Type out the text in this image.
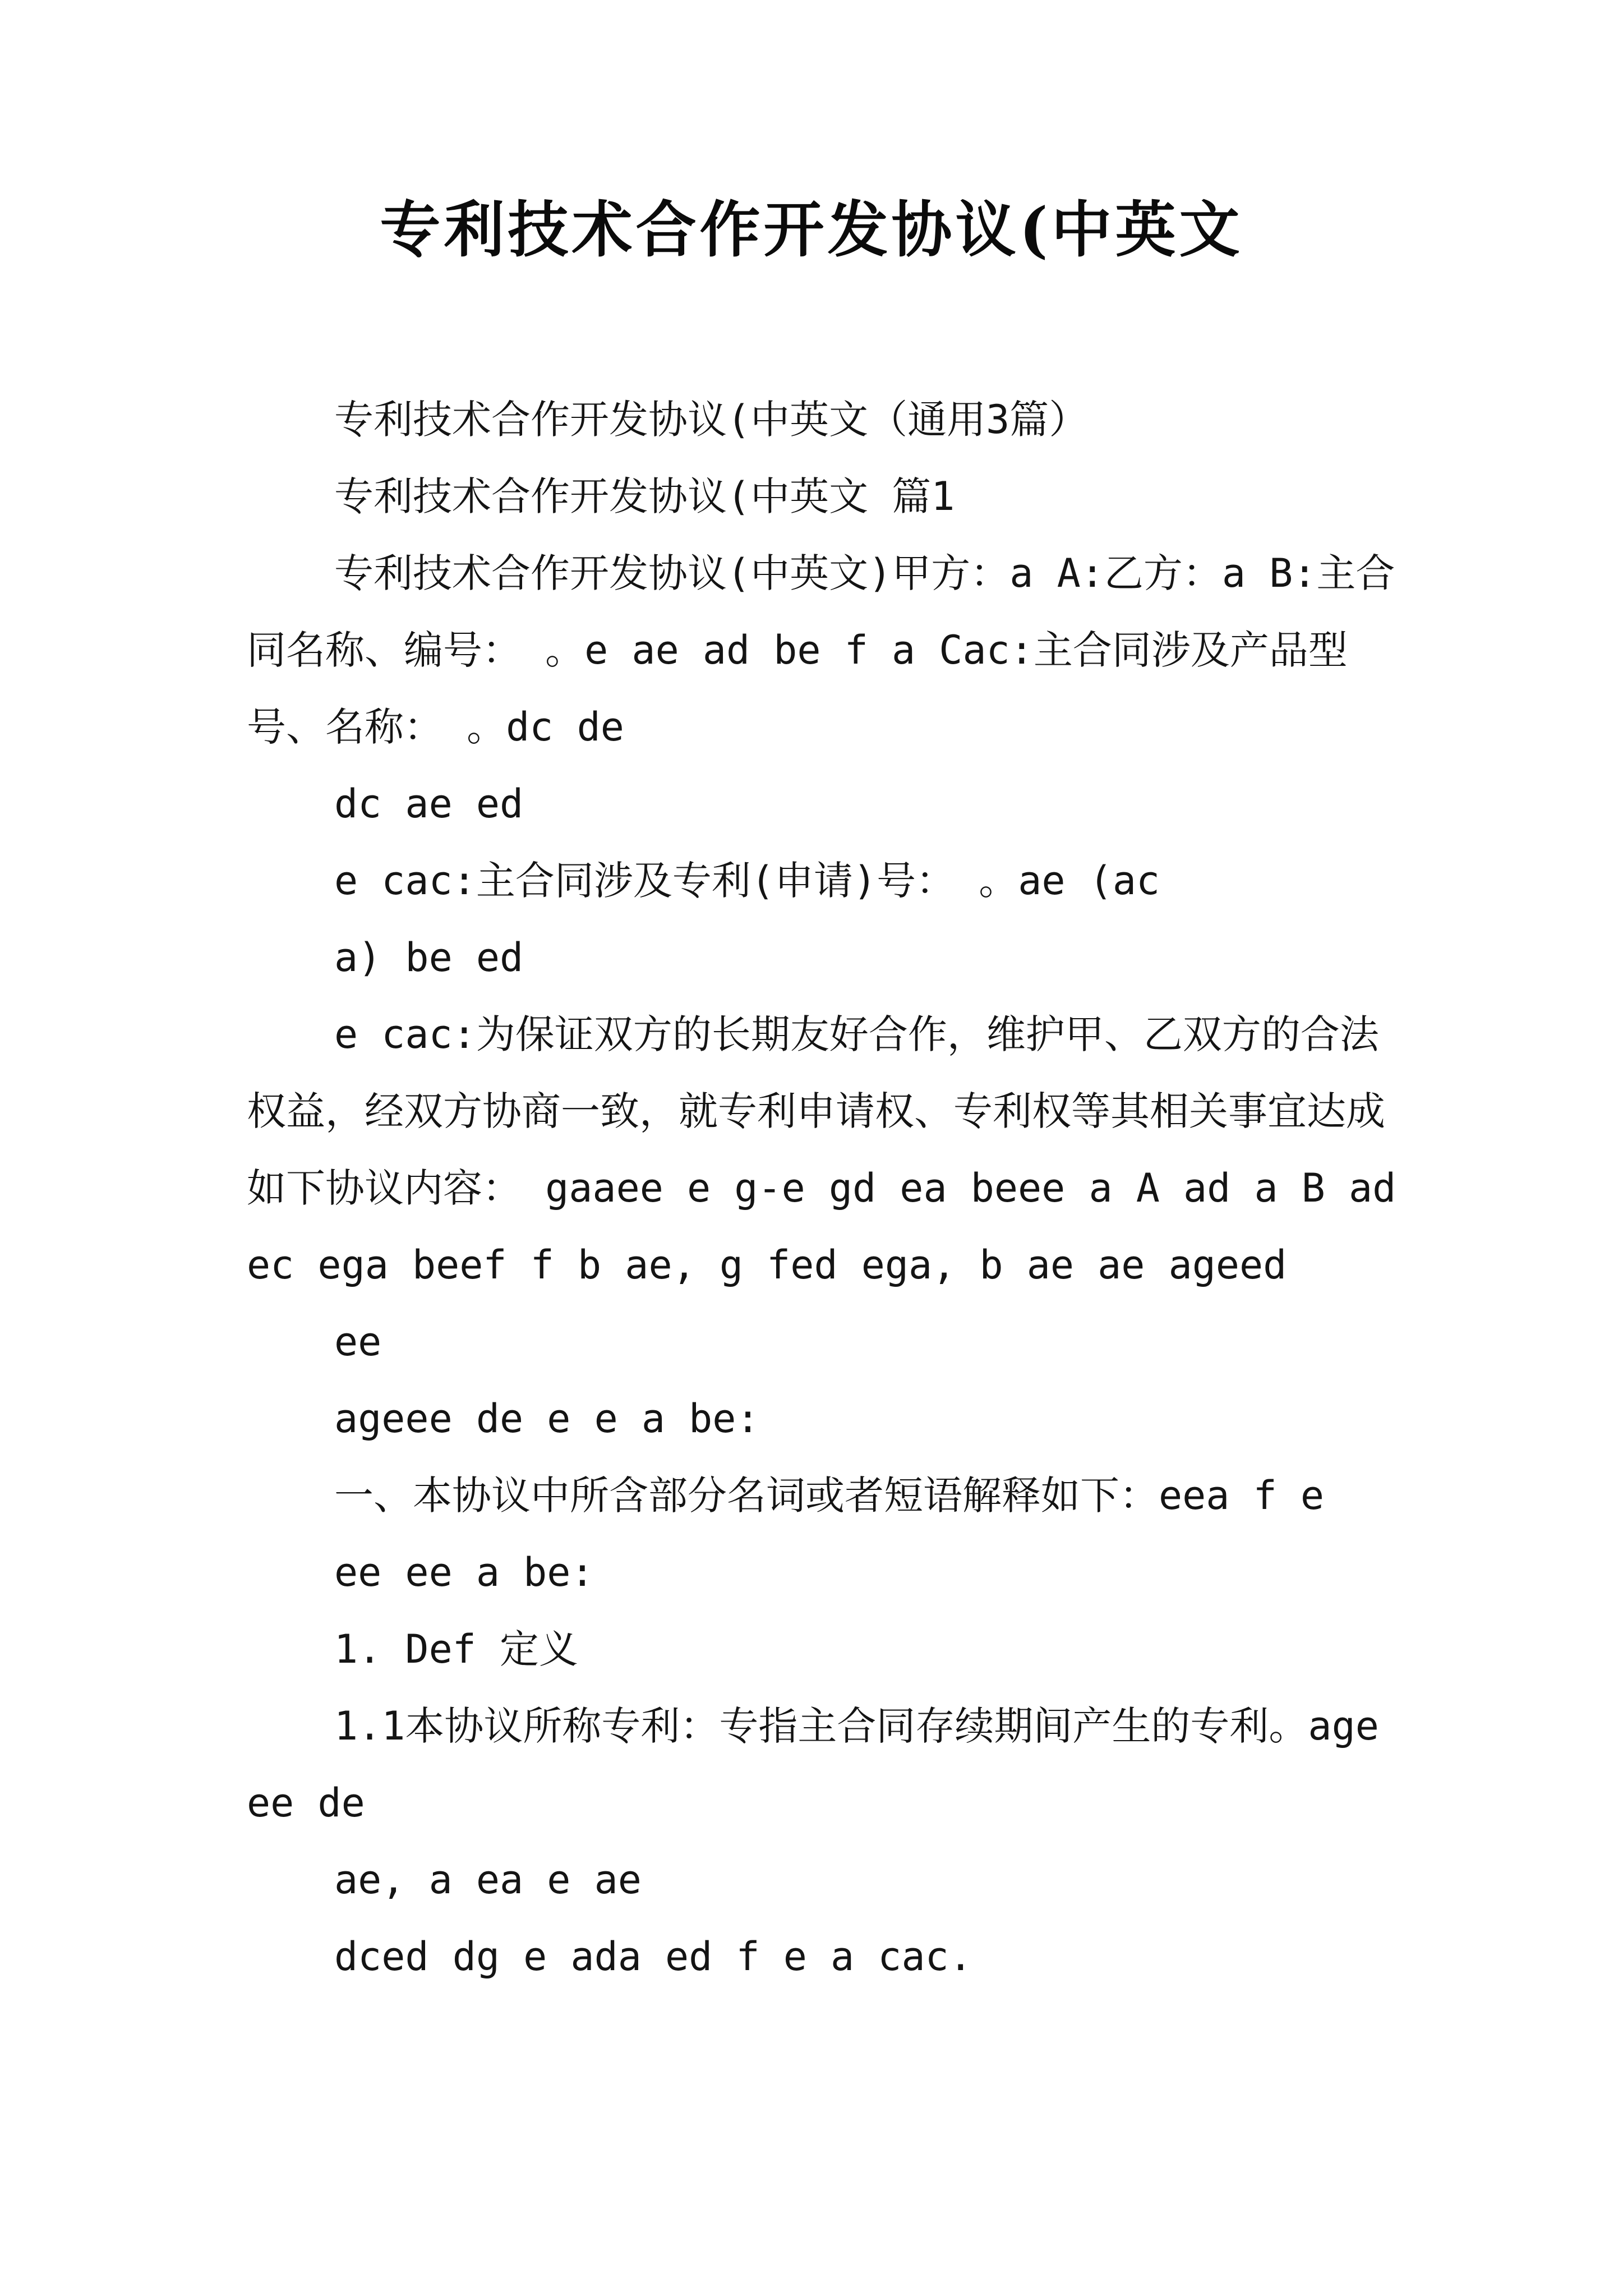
专利技术合作开发协议(中英文

专利技术合作开发协议(中英文（通用3篇）

专利技术合作开发协议(中英文 篇1

专利技术合作开发协议(中英文)甲方：a A:乙方：a B:主合同名称、编号： 。e ae ad be f a Cac:主合同涉及产品型号、名称： 。dc de

dc ae ed

e cac:主合同涉及专利(申请)号： 。ae (ac

a) be ed

e cac:为保证双方的长期友好合作，维护甲、乙双方的合法权益，经双方协商一致，就专利申请权、专利权等其相关事宜达成如下协议内容： gaaee e g-e gd ea beee a A ad a B ad ec ega beef f b ae, g fed ega, b ae ae ageed

ee

ageee de e e a be:

一、本协议中所含部分名词或者短语解释如下：eea f e

ee ee a be:

1. Def 定义

1.1本协议所称专利：专指主合同存续期间产生的专利。ageee de

ae, a ea e ae

dced dg e ada ed f e a cac.
